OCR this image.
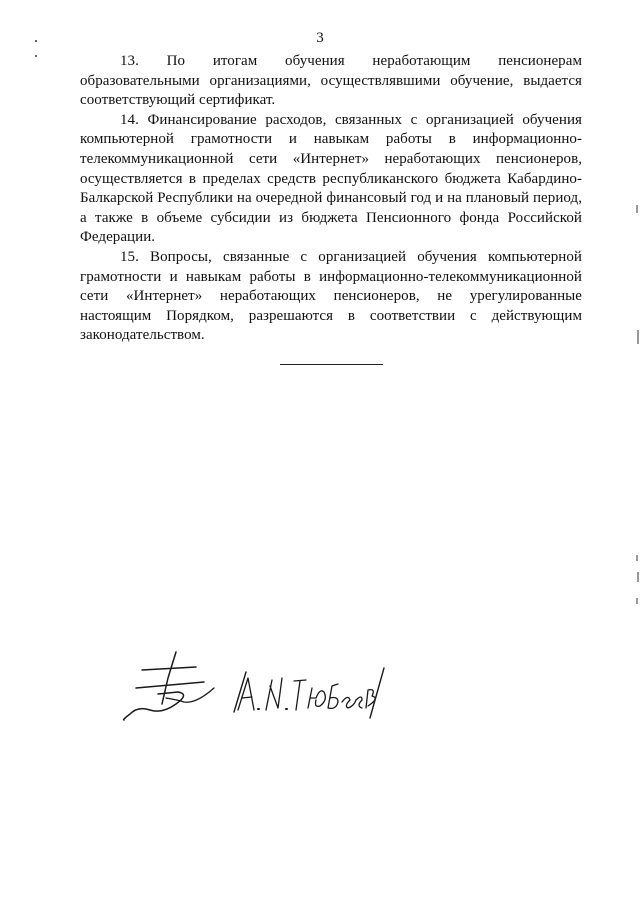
3

13. По итогам обучения неработающим пенсионерам образовательными организациями, осуществлявшими обучение, выдается соответствующий сертификат.

14. Финансирование расходов, связанных с организацией обучения компьютерной грамотности и навыкам работы в информационно-телекоммуникационной сети «Интернет» неработающих пенсионеров, осуществляется в пределах средств республиканского бюджета Кабардино-Балкарской Республики на очередной финансовый год и на плановый период, а также в объеме субсидии из бюджета Пенсионного фонда Российской Федерации.

15. Вопросы, связанные с организацией обучения компьютерной грамотности и навыкам работы в информационно-телекоммуникационной сети «Интернет» неработающих пенсионеров, не урегулированные настоящим Порядком, разрешаются в соответствии с действующим законодательством.
